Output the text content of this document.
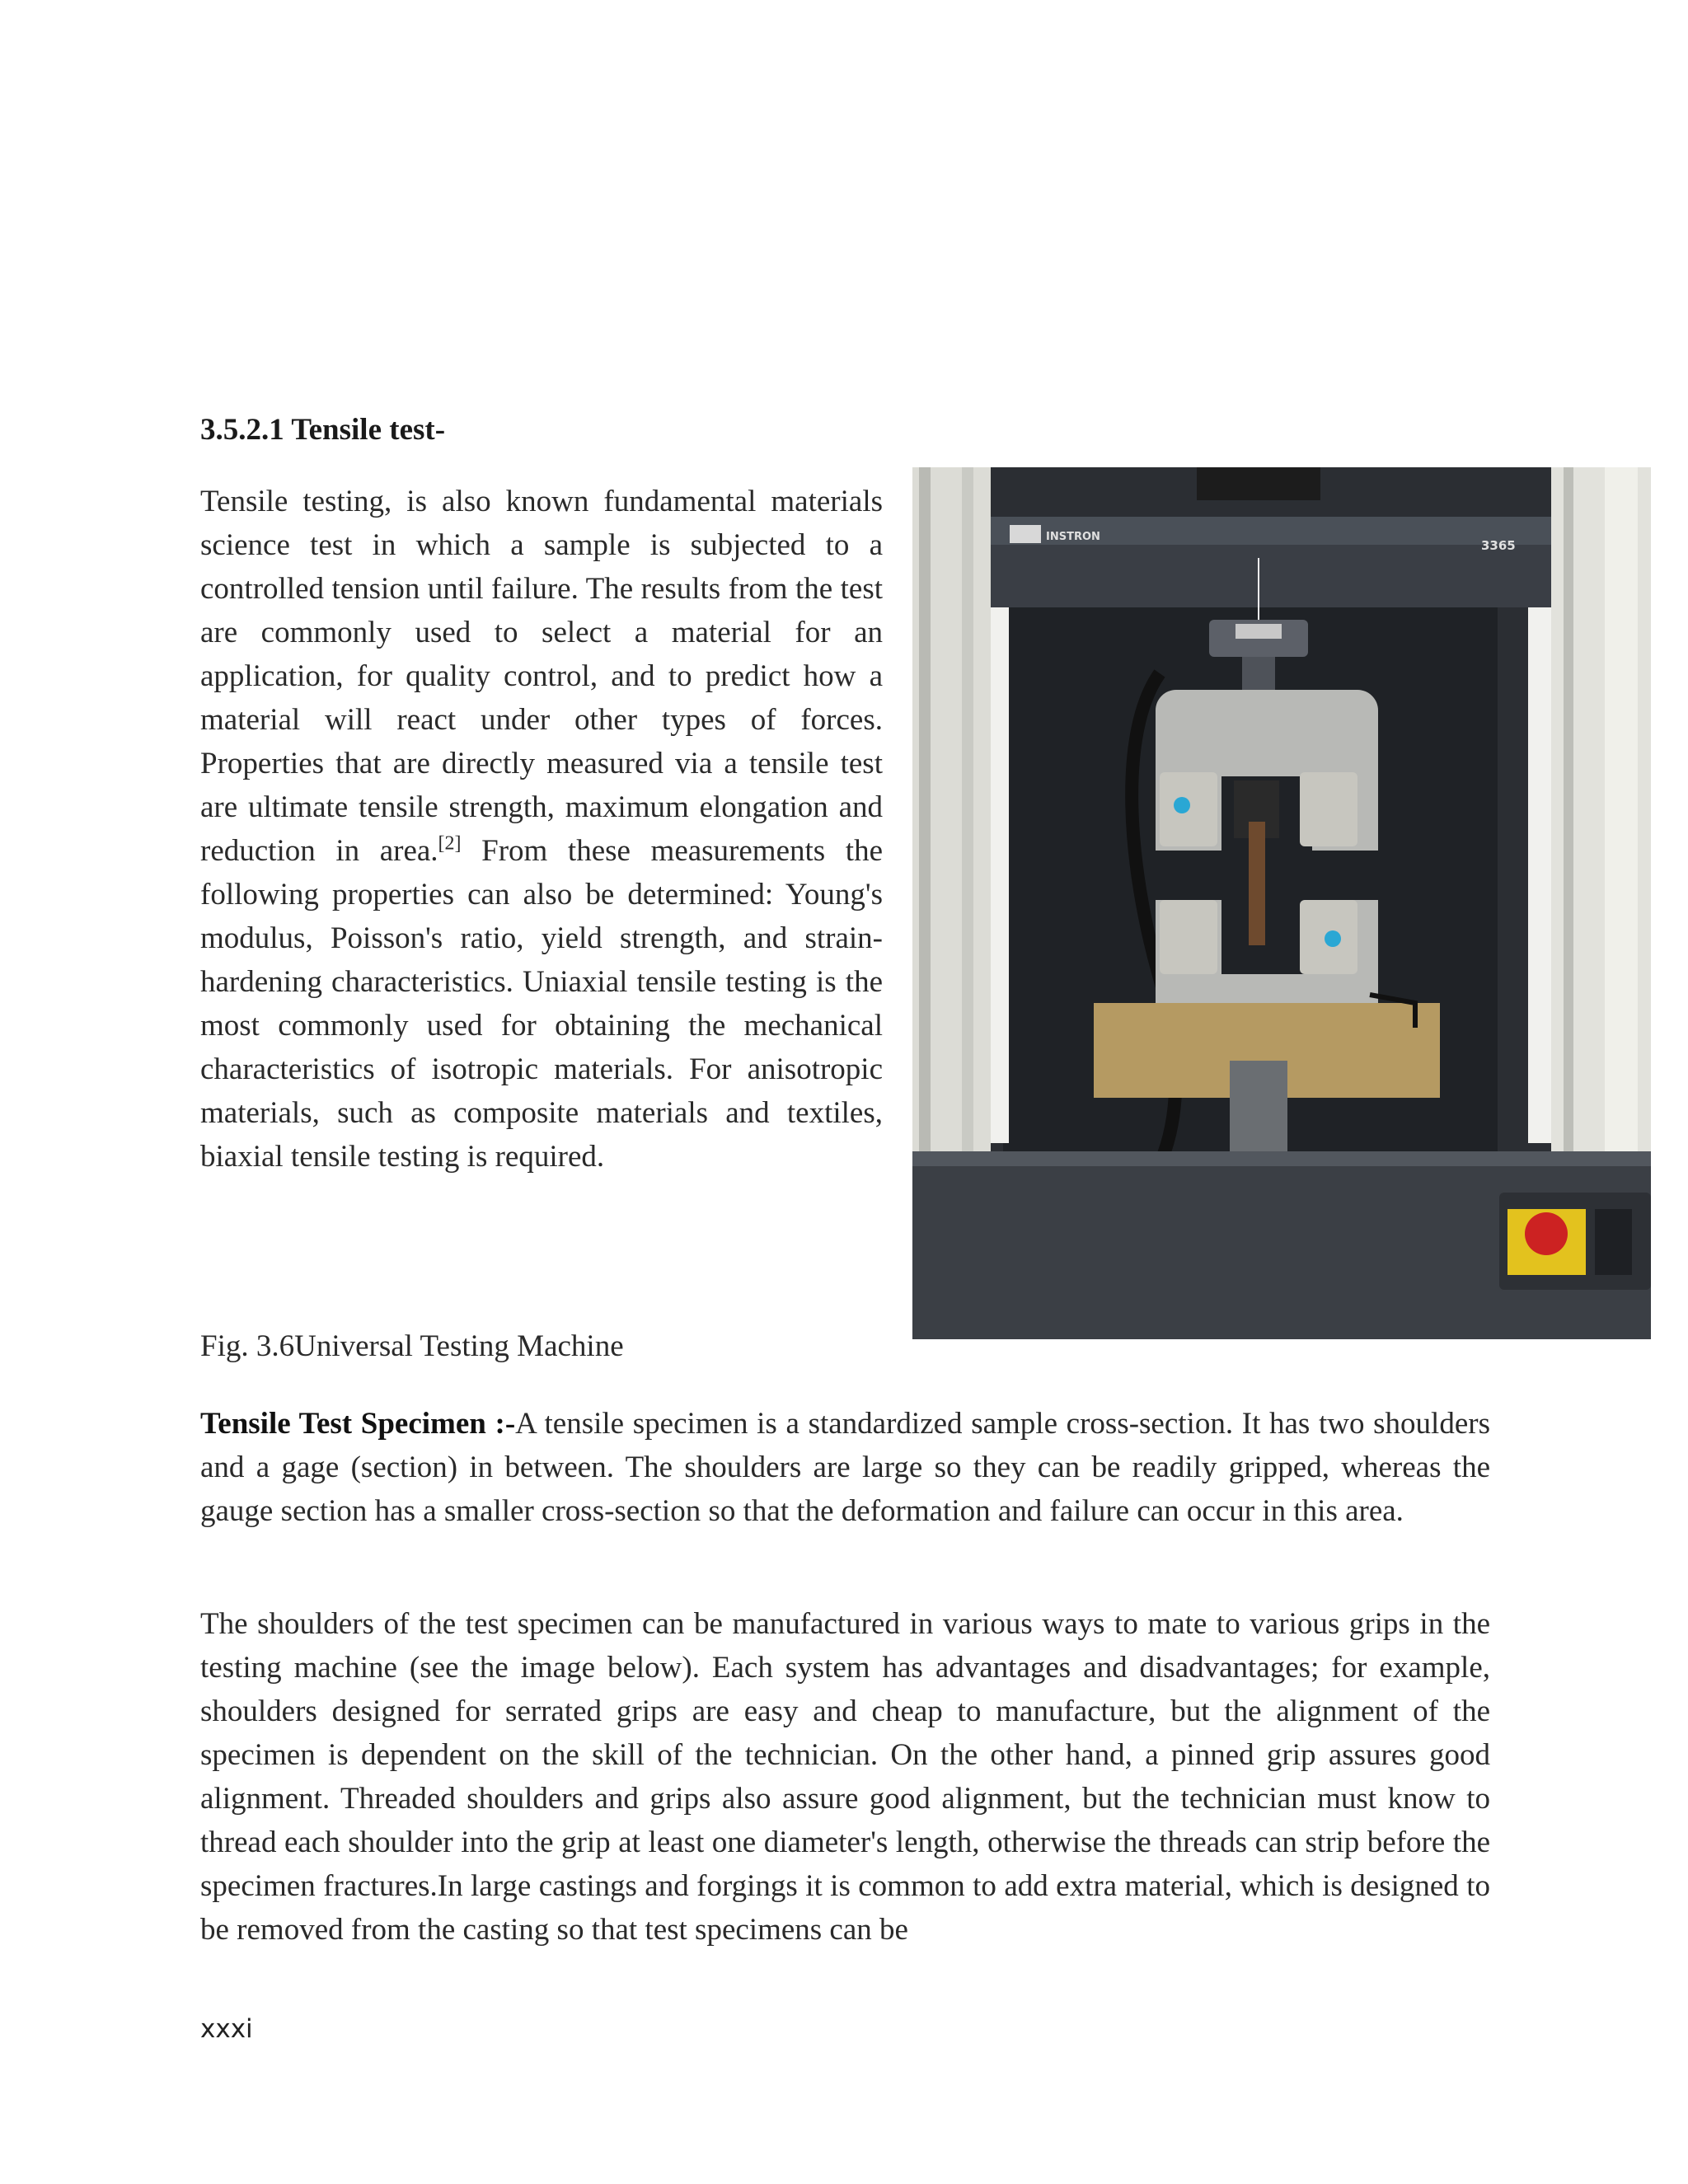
3.5.2.1 Tensile test-
Tensile testing, is also known fundamental materials science test in which a sample is subjected to a controlled tension until failure. The results from the test are commonly used to select a material for an application, for quality control, and to predict how a material will react under other types of forces. Properties that are directly measured via a tensile test are ultimate tensile strength, maximum elongation and reduction in area.[2] From these measurements the following properties can also be determined: Young's modulus, Poisson's ratio, yield strength, and strain-hardening characteristics. Uniaxial tensile testing is the most commonly used for obtaining the mechanical characteristics of isotropic materials. For anisotropic materials, such as composite materials and textiles, biaxial tensile testing is required.
INSTRON
3365
Fig. 3.6Universal Testing Machine

Tensile Test Specimen :-A tensile specimen is a standardized sample cross-section. It has two shoulders and a gage (section) in between. The shoulders are large so they can be readily gripped, whereas the gauge section has a smaller cross-section so that the deformation and failure can occur in this area.

The shoulders of the test specimen can be manufactured in various ways to mate to various grips in the testing machine (see the image below). Each system has advantages and disadvantages; for example, shoulders designed for serrated grips are easy and cheap to manufacture, but the alignment of the specimen is dependent on the skill of the technician. On the other hand, a pinned grip assures good alignment. Threaded shoulders and grips also assure good alignment, but the technician must know to thread each shoulder into the grip at least one diameter's length, otherwise the threads can strip before the specimen fractures.In large castings and forgings it is common to add extra material, which is designed to be removed from the casting so that test specimens can be

xxxi
